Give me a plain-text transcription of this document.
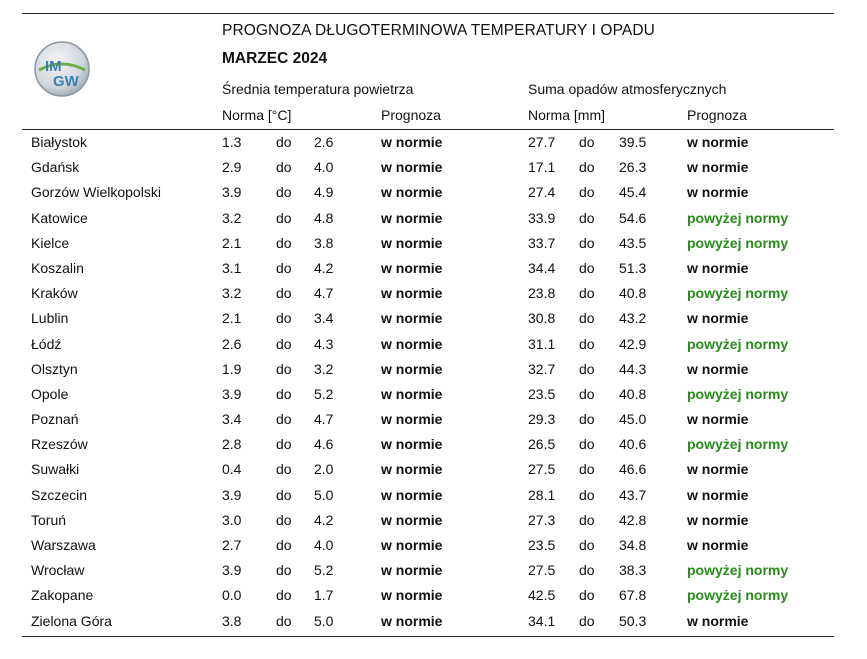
IM
GW
PROGNOZA DŁUGOTERMINOWA TEMPERATURY I OPADU
MARZEC 2024
Średnia temperatura powietrza	Suma opadów atmosferycznych
Norma [°C]	Prognoza	Norma [mm]	Prognoza
Białystok	1.3 do 2.6	w normie	27.7 do 39.5	w normie
Gdańsk	2.9 do 4.0	w normie	17.1 do 26.3	w normie
Gorzów Wielkopolski	3.9 do 4.9	w normie	27.4 do 45.4	w normie
Katowice	3.2 do 4.8	w normie	33.9 do 54.6	powyżej normy
Kielce	2.1 do 3.8	w normie	33.7 do 43.5	powyżej normy
Koszalin	3.1 do 4.2	w normie	34.4 do 51.3	w normie
Kraków	3.2 do 4.7	w normie	23.8 do 40.8	powyżej normy
Lublin	2.1 do 3.4	w normie	30.8 do 43.2	w normie
Łódź	2.6 do 4.3	w normie	31.1 do 42.9	powyżej normy
Olsztyn	1.9 do 3.2	w normie	32.7 do 44.3	w normie
Opole	3.9 do 5.2	w normie	23.5 do 40.8	powyżej normy
Poznań	3.4 do 4.7	w normie	29.3 do 45.0	w normie
Rzeszów	2.8 do 4.6	w normie	26.5 do 40.6	powyżej normy
Suwałki	0.4 do 2.0	w normie	27.5 do 46.6	w normie
Szczecin	3.9 do 5.0	w normie	28.1 do 43.7	w normie
Toruń	3.0 do 4.2	w normie	27.3 do 42.8	w normie
Warszawa	2.7 do 4.0	w normie	23.5 do 34.8	w normie
Wrocław	3.9 do 5.2	w normie	27.5 do 38.3	powyżej normy
Zakopane	0.0 do 1.7	w normie	42.5 do 67.8	powyżej normy
Zielona Góra	3.8 do 5.0	w normie	34.1 do 50.3	w normie
